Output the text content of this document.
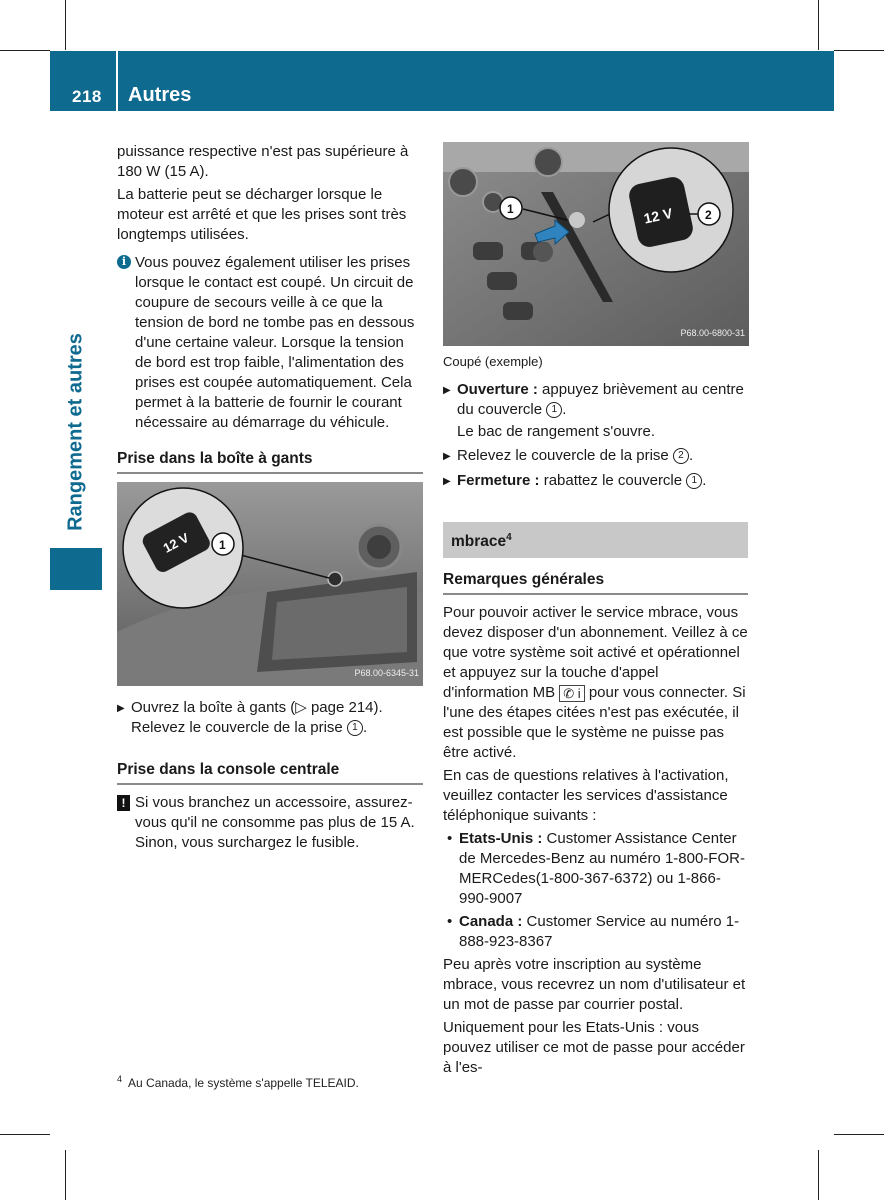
218 Autres
Rangement et autres

puissance respective n'est pas supérieure à 180 W (15 A).

La batterie peut se décharger lorsque le moteur est arrêté et que les prises sont très longtemps utilisées.

i Vous pouvez également utiliser les prises lorsque le contact est coupé. Un circuit de coupure de secours veille à ce que la tension de bord ne tombe pas en dessous d'une certaine valeur. Lorsque la tension de bord est trop faible, l'alimentation des prises est coupée automatiquement. Cela permet à la batterie de fournir le courant nécessaire au démarrage du véhicule.
Prise dans la boîte à gants
12 V 1
P68.00-6345-31
▶ Ouvrez la boîte à gants (▷ page 214).
Relevez le couvercle de la prise 1 .
Prise dans la console centrale
! Si vous branchez un accessoire, assurez-vous qu'il ne consomme pas plus de 15 A. Sinon, vous surchargez le fusible.
12 V	2
1
P68.00-6800-31
Coupé (exemple)
▶ Ouverture : appuyez brièvement au centre du couvercle 1 .
Le bac de rangement s'ouvre.
▶ Relevez le couvercle de la prise 2 .
▶ Fermeture : rabattez le couvercle 1 .
mbrace$^4$
Remarques générales

Pour pouvoir activer le service mbrace, vous devez disposer d'un abonnement. Veillez à ce que votre système soit activé et opérationnel et appuyez sur la touche d'appel d'information MB ✆ i pour vous connecter. Si l'une des étapes citées n'est pas exécutée, il est possible que le système ne puisse pas être activé.

En cas de questions relatives à l'activation, veuillez contacter les services d'assistance téléphonique suivants :

• Etats-Unis : Customer Assistance Center de Mercedes-Benz au numéro 1-800-FOR-MERCedes(1-800-367-6372) ou 1-866-990-9007
• Canada : Customer Service au numéro 1-888-923-8367

Peu après votre inscription au système mbrace, vous recevrez un nom d'utilisateur et un mot de passe par courrier postal.

Uniquement pour les Etats-Unis : vous pouvez utiliser ce mot de passe pour accéder à l'es-

$^4$ Au Canada, le système s'appelle TELEAID.
